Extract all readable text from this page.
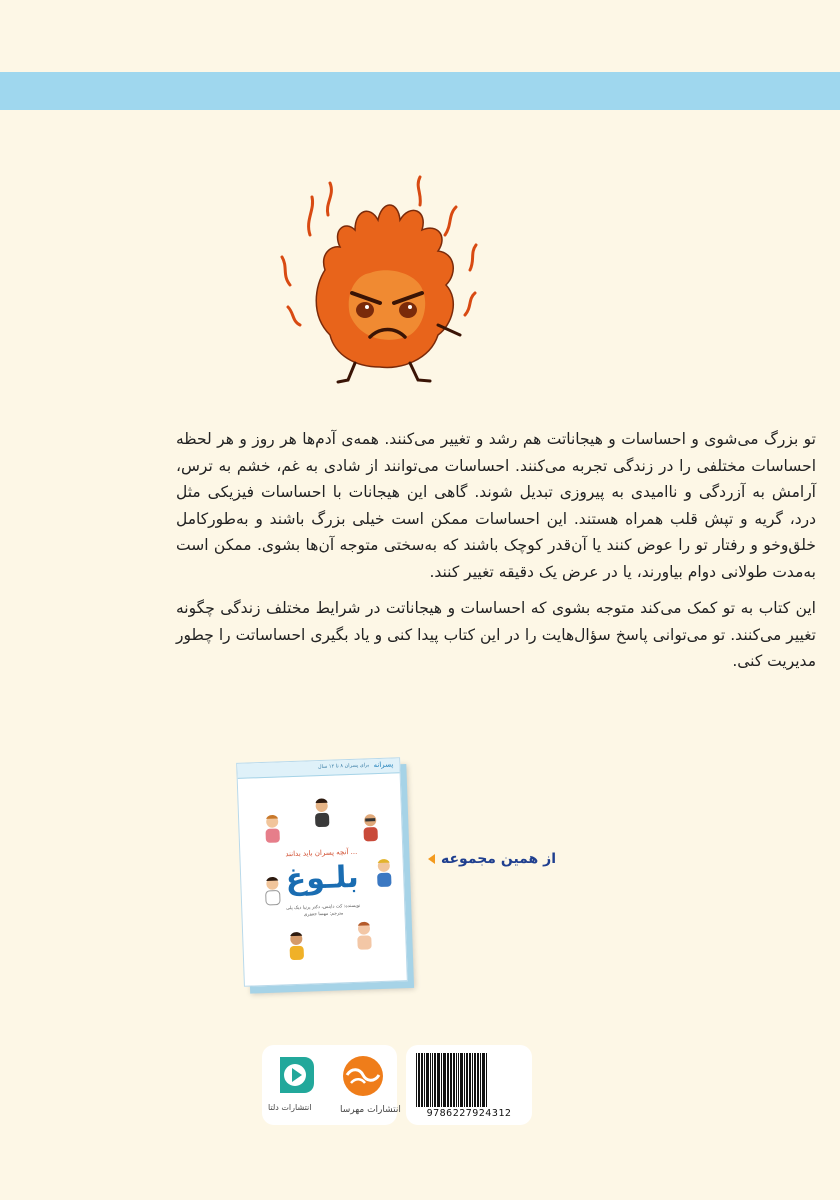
تو بزرگ می‌شوی و احساسات و هیجاناتت هم رشد و تغییر می‌کنند. همه‌ی آدم‌ها هر روز و هر لحظه احساسات مختلفی را در زندگی تجربه می‌کنند. احساسات می‌توانند از شادی به غم، خشم به ترس، آرامش به آزردگی و ناامیدی به پیروزی تبدیل شوند. گاهی این هیجانات با احساسات فیزیکی مثل درد، گریه و تپش قلب همراه هستند. این احساسات ممکن است خیلی بزرگ باشند و به‌طورکامل خلق‌وخو و رفتار تو را عوض کنند یا آن‌قدر کوچک باشند که به‌سختی متوجه آن‌ها بشوی. ممکن است به‌مدت طولانی دوام بیاورند، یا در عرض یک دقیقه تغییر کنند.

این کتاب به تو کمک می‌کند متوجه بشوی که احساسات و هیجاناتت در شرایط مختلف زندگی چگونه تغییر می‌کنند. تو می‌توانی پاسخ سؤال‌هایت را در این کتاب پیدا کنی و یاد بگیری احساساتت را چطور مدیریت کنی.

برای پسران ۸ تا ۱۲ سال پسرانه
آنچه پسران باید بدانند ...
بلـوغ
نویسنده: کت داینس، دکتر پرنیا دیک پلی
مترجم: مهسا جعفری
از همین مجموعه
انتشارات دلتا	انتشارات مهرسا	9786227924312
